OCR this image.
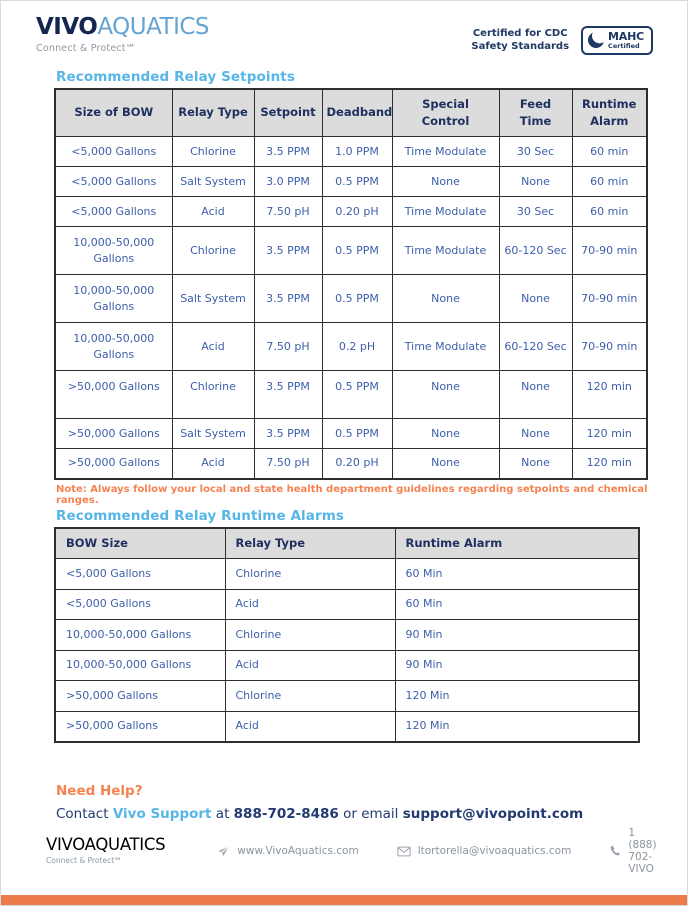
VIVOAQUATICS
Connect & Protect℠
Certified for CDC
Safety Standards
MAHC
Certified
Recommended Relay Setpoints
Size of BOW	Relay Type	Setpoint	Deadband	Special Control	Feed Time	Runtime Alarm
<5,000 Gallons	Chlorine	3.5 PPM	1.0 PPM	Time Modulate	30 Sec	60 min
<5,000 Gallons	Salt System	3.0 PPM	0.5 PPM	None	None	60 min
<5,000 Gallons	Acid	7.50 pH	0.20 pH	Time Modulate	30 Sec	60 min
10,000-50,000 Gallons	Chlorine	3.5 PPM	0.5 PPM	Time Modulate	60-120 Sec	70-90 min
10,000-50,000 Gallons	Salt System	3.5 PPM	0.5 PPM	None	None	70-90 min
10,000-50,000 Gallons	Acid	7.50 pH	0.2 pH	Time Modulate	60-120 Sec	70-90 min
>50,000 Gallons	Chlorine	3.5 PPM	0.5 PPM	None	None	120 min
>50,000 Gallons	Salt System	3.5 PPM	0.5 PPM	None	None	120 min
>50,000 Gallons	Acid	7.50 pH	0.20 pH	None	None	120 min
Note: Always follow your local and state health department guidelines regarding setpoints and chemical ranges.
Recommended Relay Runtime Alarms
BOW Size	Relay Type	Runtime Alarm
<5,000 Gallons	Chlorine	60 Min
<5,000 Gallons	Acid	60 Min
10,000-50,000 Gallons	Chlorine	90 Min
10,000-50,000 Gallons	Acid	90 Min
>50,000 Gallons	Chlorine	120 Min
>50,000 Gallons	Acid	120 Min
Need Help?
Contact Vivo Support at 888-702-8486 or email support@vivopoint.com
VIVOAQUATICS
Connect & Protect℠
www.VivoAquatics.com	ltortorella@vivoaquatics.com
1 (888) 702-VIVO
